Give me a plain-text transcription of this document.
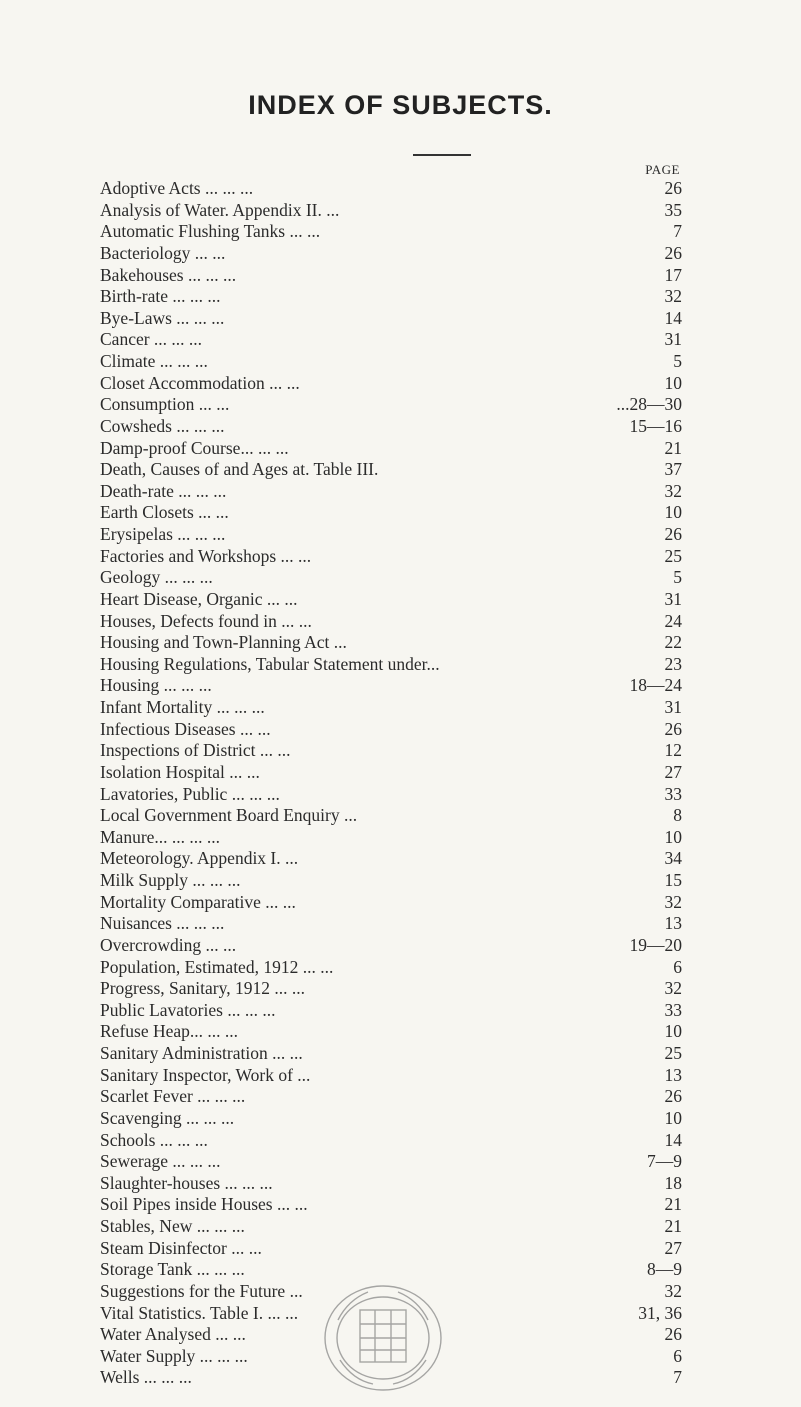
INDEX OF SUBJECTS.
PAGE
Adoptive Acts ... ... ...	26
Analysis of Water. Appendix II. ...	35
Automatic Flushing Tanks ... ...	7
Bacteriology ... ...	26
Bakehouses ... ... ...	17
Birth-rate ... ... ...	32
Bye-Laws ... ... ...	14
Cancer ... ... ...	31
Climate ... ... ...	5
Closet Accommodation ... ...	10
Consumption ... ...	...28—30
Cowsheds ... ... ...	15—16
Damp-proof Course... ... ...	21
Death, Causes of and Ages at. Table III.	37
Death-rate ... ... ...	32
Earth Closets ... ...	10
Erysipelas ... ... ...	26
Factories and Workshops ... ...	25
Geology ... ... ...	5
Heart Disease, Organic ... ...	31
Houses, Defects found in ... ...	24
Housing and Town-Planning Act ...	22
Housing Regulations, Tabular Statement under...	23
Housing ... ... ...	18—24
Infant Mortality ... ... ...	31
Infectious Diseases ... ...	26
Inspections of District ... ...	12
Isolation Hospital ... ...	27
Lavatories, Public ... ... ...	33
Local Government Board Enquiry ...	8
Manure... ... ... ...	10
Meteorology. Appendix I. ...	34
Milk Supply ... ... ...	15
Mortality Comparative ... ...	32
Nuisances ... ... ...	13
Overcrowding ... ...	19—20
Population, Estimated, 1912 ... ...	6
Progress, Sanitary, 1912 ... ...	32
Public Lavatories ... ... ...	33
Refuse Heap... ... ...	10
Sanitary Administration ... ...	25
Sanitary Inspector, Work of ...	13
Scarlet Fever ... ... ...	26
Scavenging ... ... ...	10
Schools ... ... ...	14
Sewerage ... ... ...	7—9
Slaughter-houses ... ... ...	18
Soil Pipes inside Houses ... ...	21
Stables, New ... ... ...	21
Steam Disinfector ... ...	27
Storage Tank ... ... ...	8—9
Suggestions for the Future ...	32
Vital Statistics. Table I. ... ...	31, 36
Water Analysed ... ...	26
Water Supply ... ... ...	6
Wells ... ... ...	7
